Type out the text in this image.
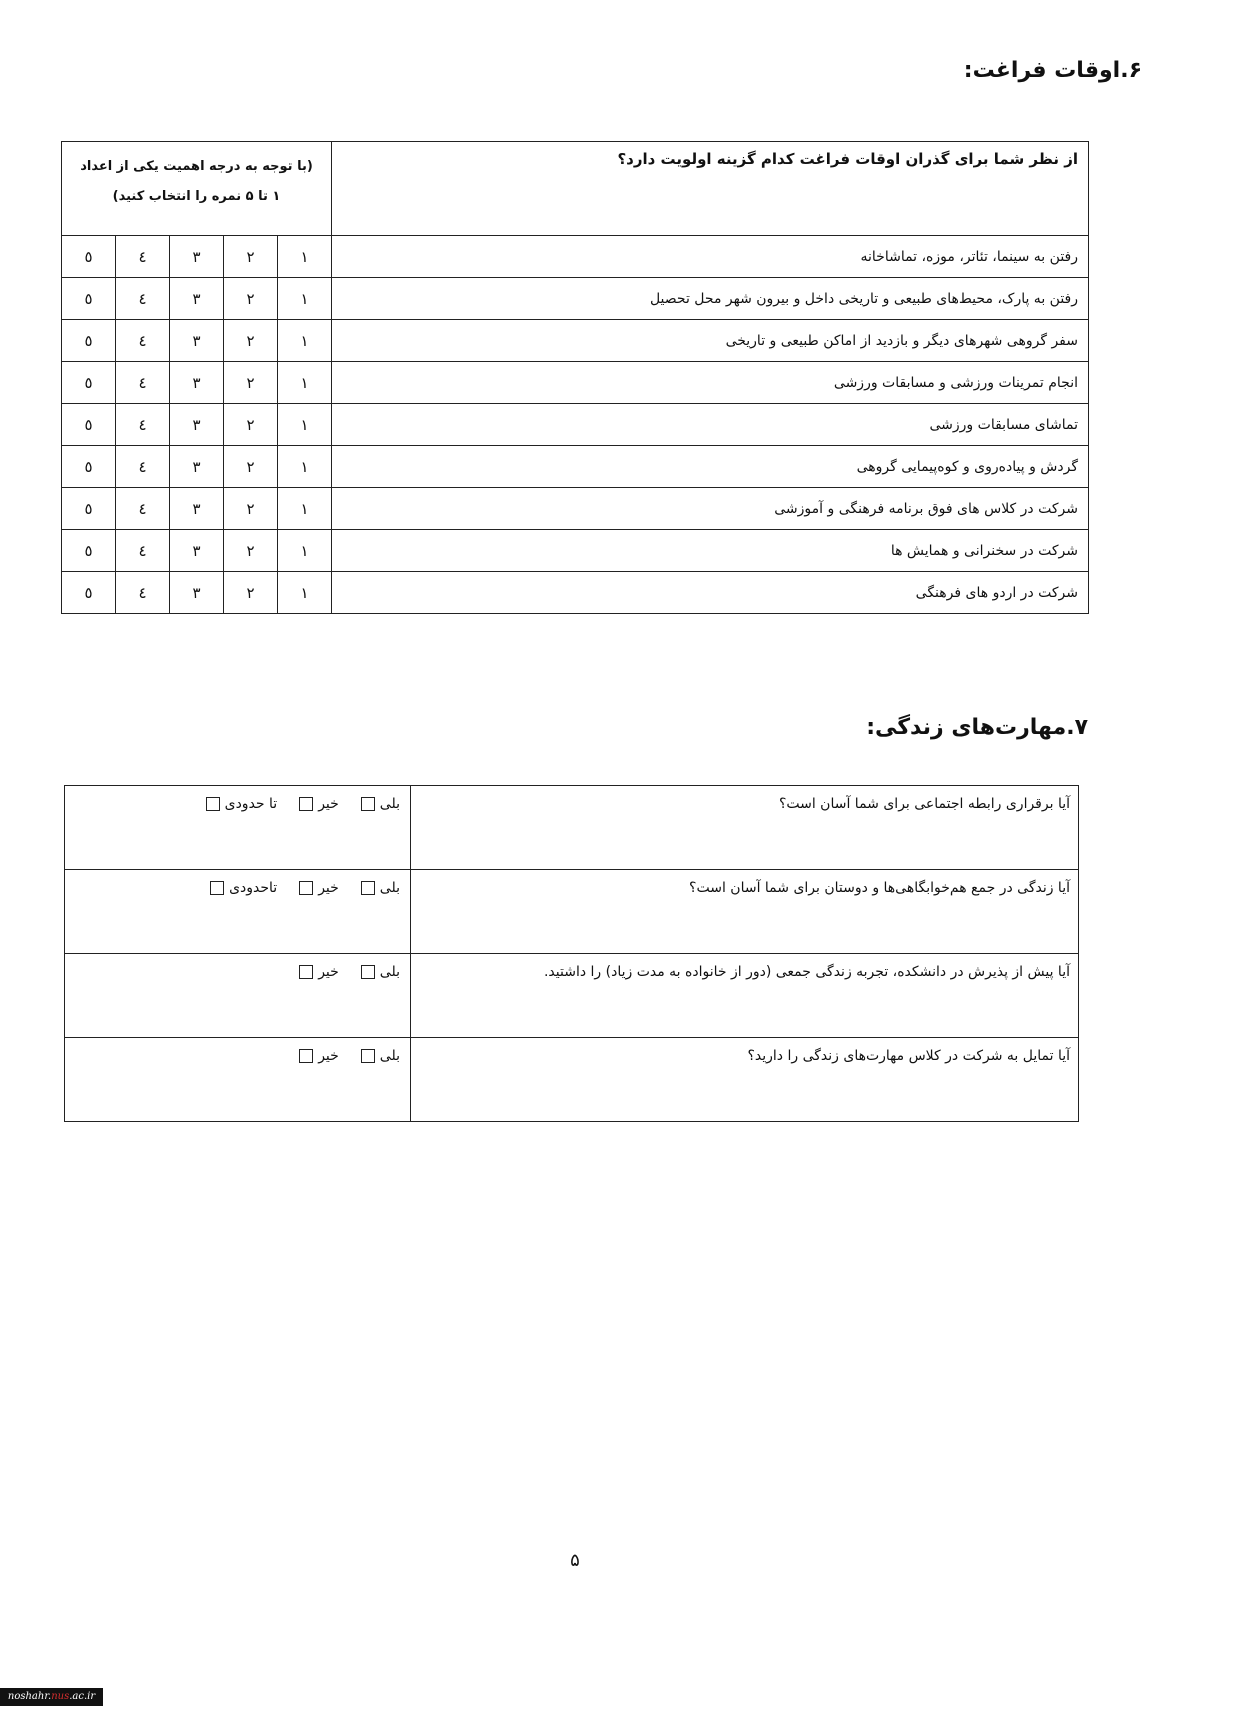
۶.اوقات فراغت:
از نظر شما برای گذران اوقات فراغت کدام گزینه اولویت دارد؟	(با توجه به درجه اهمیت یکی از اعداد
۱ تا ۵ نمره را انتخاب کنید)				

رفتن به سینما، تئاتر، موزه، تماشاخانه	۱	۲	۳	٤	٥
رفتن به پارک، محیط‌های طبیعی و تاریخی داخل و بیرون شهر محل تحصیل	۱	۲	۳	٤	٥
سفر گروهی شهرهای دیگر و بازدید از اماکن طبیعی و تاریخی	۱	۲	۳	٤	٥
انجام تمرینات ورزشی و مسابقات ورزشی	۱	۲	۳	٤	٥
تماشای مسابقات ورزشی	۱	۲	۳	٤	٥
گردش و پیاده‌روی و کوه‌پیمایی گروهی	۱	۲	۳	٤	٥
شرکت در کلاس های فوق برنامه فرهنگی و آموزشی	۱	۲	۳	٤	٥
شرکت در سخنرانی و همایش ها	۱	۲	۳	٤	٥
شرکت در اردو های فرهنگی	۱	۲	۳	٤	٥
۷.مهارت‌های زندگی:
آیا برقراری رابطه اجتماعی برای شما آسان است؟	بلیخیرتا حدودی
آیا زندگی در جمع هم‌خوابگاهی‌ها و دوستان برای شما آسان است؟	بلیخیرتاحدودی
آیا پیش از پذیرش در دانشکده، تجربه زندگی جمعی (دور از خانواده به مدت زیاد) را داشتید.	بلیخیر
آیا تمایل به شرکت در کلاس مهارت‌های زندگی را دارید؟	بلیخیر
۵
noshahr.nus.ac.ir
